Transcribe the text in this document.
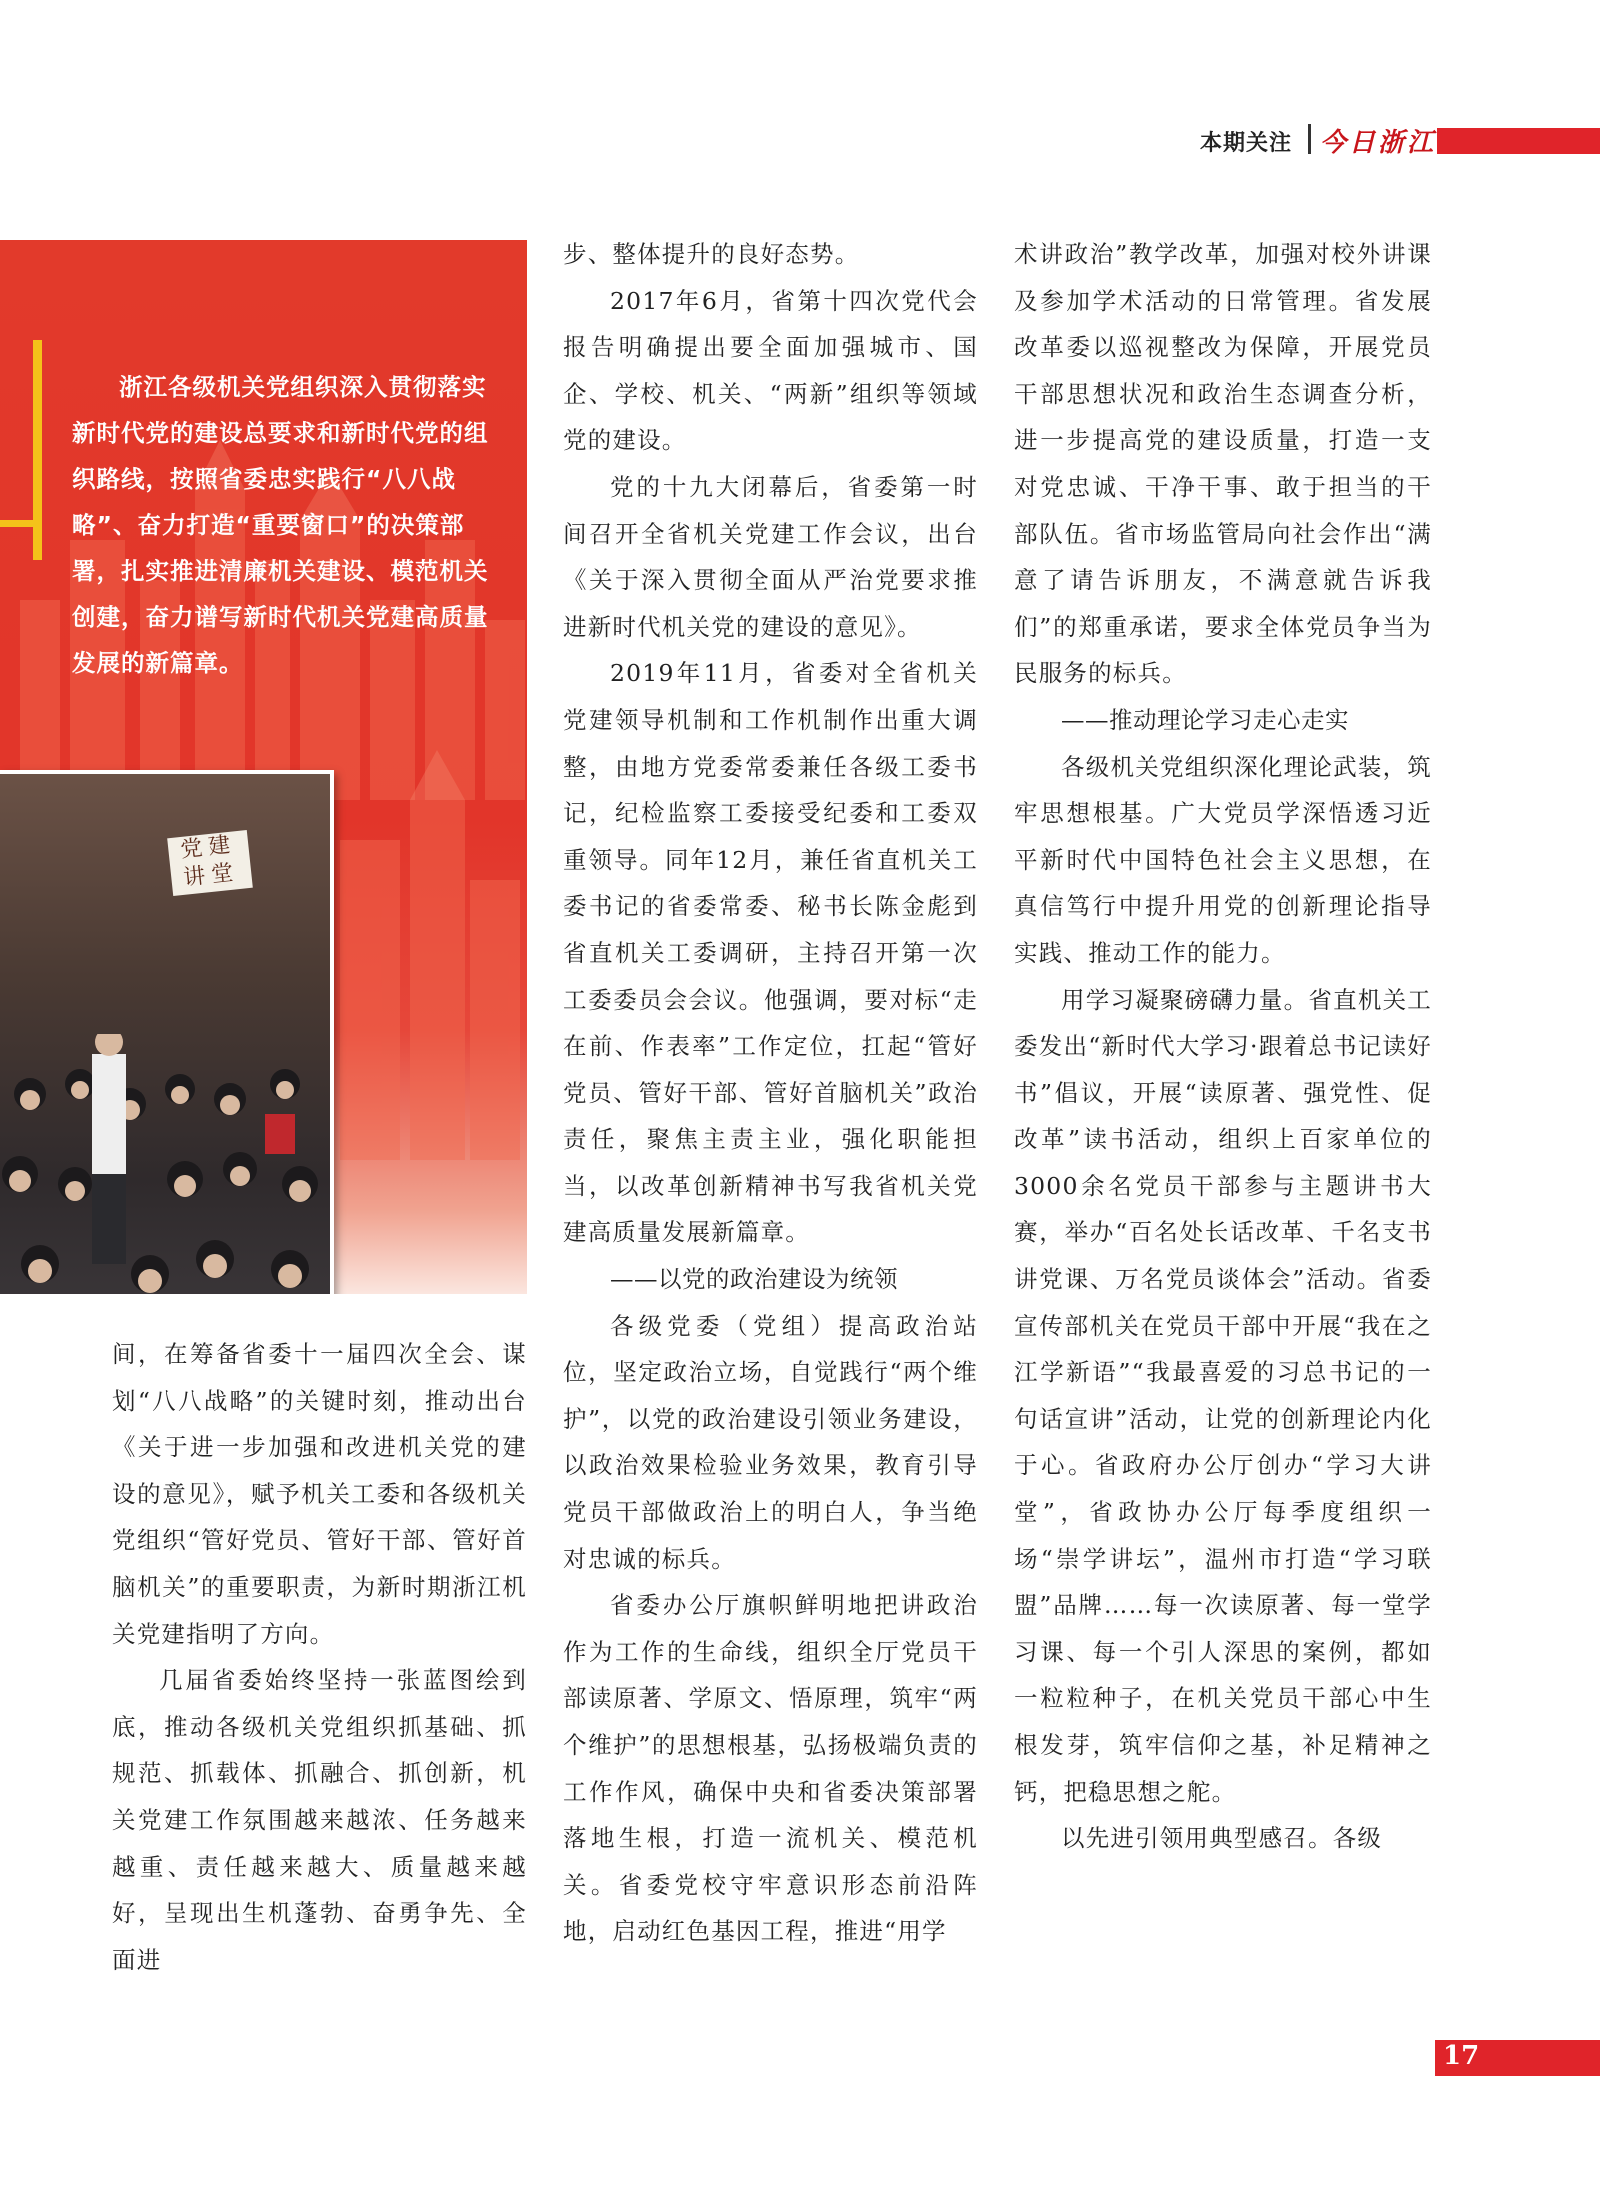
本期关注 今日浙江

浙江各级机关党组织深入贯彻落实新时代党的建设总要求和新时代党的组织路线，按照省委忠实践行“八八战略”、奋力打造“重要窗口”的决策部署，扎实推进清廉机关建设、模范机关创建，奋力谱写新时代机关党建高质量发展的新篇章。

党建讲堂

间，在筹备省委十一届四次全会、谋划“八八战略”的关键时刻，推动出台《关于进一步加强和改进机关党的建设的意见》，赋予机关工委和各级机关党组织“管好党员、管好干部、管好首脑机关”的重要职责，为新时期浙江机关党建指明了方向。

几届省委始终坚持一张蓝图绘到底，推动各级机关党组织抓基础、抓规范、抓载体、抓融合、抓创新，机关党建工作氛围越来越浓、任务越来越重、责任越来越大、质量越来越好，呈现出生机蓬勃、奋勇争先、全面进

步、整体提升的良好态势。

2017年6月，省第十四次党代会报告明确提出要全面加强城市、国企、学校、机关、“两新”组织等领域党的建设。

党的十九大闭幕后，省委第一时间召开全省机关党建工作会议，出台《关于深入贯彻全面从严治党要求推进新时代机关党的建设的意见》。

2019年11月，省委对全省机关党建领导机制和工作机制作出重大调整，由地方党委常委兼任各级工委书记，纪检监察工委接受纪委和工委双重领导。同年12月，兼任省直机关工委书记的省委常委、秘书长陈金彪到省直机关工委调研，主持召开第一次工委委员会会议。他强调，要对标“走在前、作表率”工作定位，扛起“管好党员、管好干部、管好首脑机关”政治责任，聚焦主责主业，强化职能担当，以改革创新精神书写我省机关党建高质量发展新篇章。

——以党的政治建设为统领

各级党委（党组）提高政治站位，坚定政治立场，自觉践行“两个维护”，以党的政治建设引领业务建设，以政治效果检验业务效果，教育引导党员干部做政治上的明白人，争当绝对忠诚的标兵。

省委办公厅旗帜鲜明地把讲政治作为工作的生命线，组织全厅党员干部读原著、学原文、悟原理，筑牢“两个维护”的思想根基，弘扬极端负责的工作作风，确保中央和省委决策部署落地生根，打造一流机关、模范机关。省委党校守牢意识形态前沿阵地，启动红色基因工程，推进“用学

术讲政治”教学改革，加强对校外讲课及参加学术活动的日常管理。省发展改革委以巡视整改为保障，开展党员干部思想状况和政治生态调查分析，进一步提高党的建设质量，打造一支对党忠诚、干净干事、敢于担当的干部队伍。省市场监管局向社会作出“满意了请告诉朋友，不满意就告诉我们”的郑重承诺，要求全体党员争当为民服务的标兵。

——推动理论学习走心走实

各级机关党组织深化理论武装，筑牢思想根基。广大党员学深悟透习近平新时代中国特色社会主义思想，在真信笃行中提升用党的创新理论指导实践、推动工作的能力。

用学习凝聚磅礴力量。省直机关工委发出“新时代大学习·跟着总书记读好书”倡议，开展“读原著、强党性、促改革”读书活动，组织上百家单位的3000余名党员干部参与主题讲书大赛，举办“百名处长话改革、千名支书讲党课、万名党员谈体会”活动。省委宣传部机关在党员干部中开展“我在之江学新语”“我最喜爱的习总书记的一句话宣讲”活动，让党的创新理论内化于心。省政府办公厅创办“学习大讲堂”，省政协办公厅每季度组织一场“崇学讲坛”，温州市打造“学习联盟”品牌……每一次读原著、每一堂学习课、每一个引人深思的案例，都如一粒粒种子，在机关党员干部心中生根发芽，筑牢信仰之基，补足精神之钙，把稳思想之舵。

以先进引领用典型感召。各级

17
